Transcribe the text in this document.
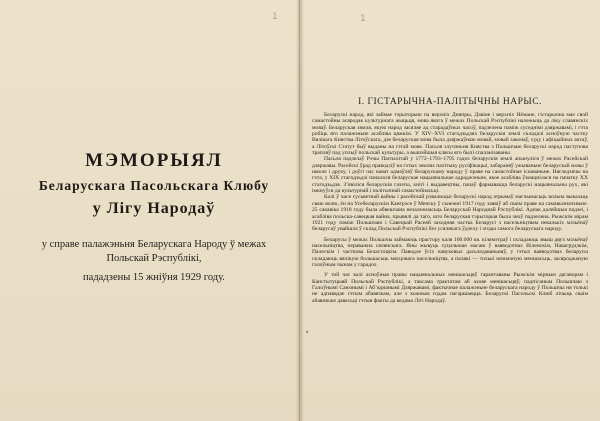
1	1
МЭМОРЫЯЛ
Беларускага Пасольскага Клюбу
у Лігу Народаў
у справе палажэньня Беларускага Народу ў межах
Польскай Рэспублікі,
пададзены 15 жніўня 1929 году.
I. ГІСТАРЫЧНА-ПАЛІТЫЧНЫ НАРЫС.

Беларускі народ, які займае тэрыторыю па верхніх Дняпры, Дзвіне і верхніх Нёмане, гістарычна мае свой самастойны асяродак культурнага жыцьця, мова якога ў межах Польскай Рэспублікі належыць да ліку славянскіх моваў. Беларуская зямля, якую народ засяляе ад старадаўных часоў, падзелена паміж суседнімі дзяржавамі, і гэта робіць яго палажэньне асабліва цяжкім. У XIV–XVI стагодзьдзях беларускія землі складалі асноўную частку Вялікага Княства Літоўскага, дзе беларуская мова была дзяржаўнаю мовай, мовай законаў, суду і афіцыйных актаў, а Літоўскі Статут быў выданы на гэтай мове. Пасьля злучэньня Княства з Польшчаю беларускі народ паступова трапляў пад уплыў польскай культуры, а вышэйшыя клясы яго былі спаланізаваны.

Пасьля падзелаў Рэчы Паспалітай у 1772–1793–1795 гадох беларускія землі апынуліся ў межах Расейскай дзяржавы. Расейскі ўрад праводзіў на гэтых землях палітыку русіфікацыі, забараняў ужываньне беларускай мовы ў школе і друку, і доўгі час нават адмаўляў беларускаму народу ў праве на самастойнае існаваньне. Нягледзячы на гэта, у XIX стагодзьдзі пачалося беларускае нацыянальнае адраджэньне, якое асабліва ўзмацнілася на пачатку XX стагодзьдзя. З’явіліся беларускія газэты, кнігі і выдавецтвы, пачаў фармавацца беларускі нацыянальны рух, які імкнуўся да культурнай і палітычнай самастойнасьці.

Калі ў часе сусьветнай вайны і расейскай рэвалюцыі беларускі народ атрымаў магчымасьць вольна выказаць сваю волю, ён на Усебеларускім Кангрэсе ў Менску ў сьнежні 1917 году заявіў аб сваім праве на самавызначэньне. 25 сакавіка 1918 году была абвешчана незалежнасьць Беларускай Народнай Рэспублікі. Аднак далейшыя падзеі, і асабліва польска-савецкая вайна, прывялі да таго, што беларуская тэрыторыя была зноў падзелена. Рыжскім мірам 1921 году паміж Польшчаю і Савецкай Расеяй заходняя частка Беларусі з насельніцтвам некалькіх мільёнаў беларусаў увайшла ў склад Польскай Рэспублікі без усялякага ўдзелу і згоды самога беларускага народу.

Беларусы ў межах Польшчы займаюць прастору каля 100.000 кв. кілямэтраў і складаюць звыш двух мільёнаў насельніцтва, пераважна сялянскага. Яны жывуць суцэльнаю масаю ў ваяводзтвах Віленскім, Навагрудзкім, Палескім і часткова Беластоцкім. Паводле ўсіх навуковых дасьледаваньняў, у гэтых ваяводзтвах беларусы складаюць вялікую большасьць мясцовага насельніцтва, а палякі — толькі нязначную меншасьць, засяроджаную галоўным чынам у гарадох.

У той час калі асноўныя правы нацыянальных меншасьцяў гарантаваны Рыжскім мірным дагаворам і Канстытуцыяй Польскай Рэспублікі, а таксама трактатам аб ахове меншасьцяў, падпісаным Польшчаю з Галоўнымі Саюзнымі і Аб’яднанымі Дзяржавамі, фактычнае палажэньне беларускага народу ў Польшчы ня толькі не адпавядае гэтым абавязкам, але з кожным годам пагаршаецца. Беларускі Пасольскі Клюб лічыць сваім абавязкам давесьці гэтыя факты да ведама Лігі Народаў.

а
